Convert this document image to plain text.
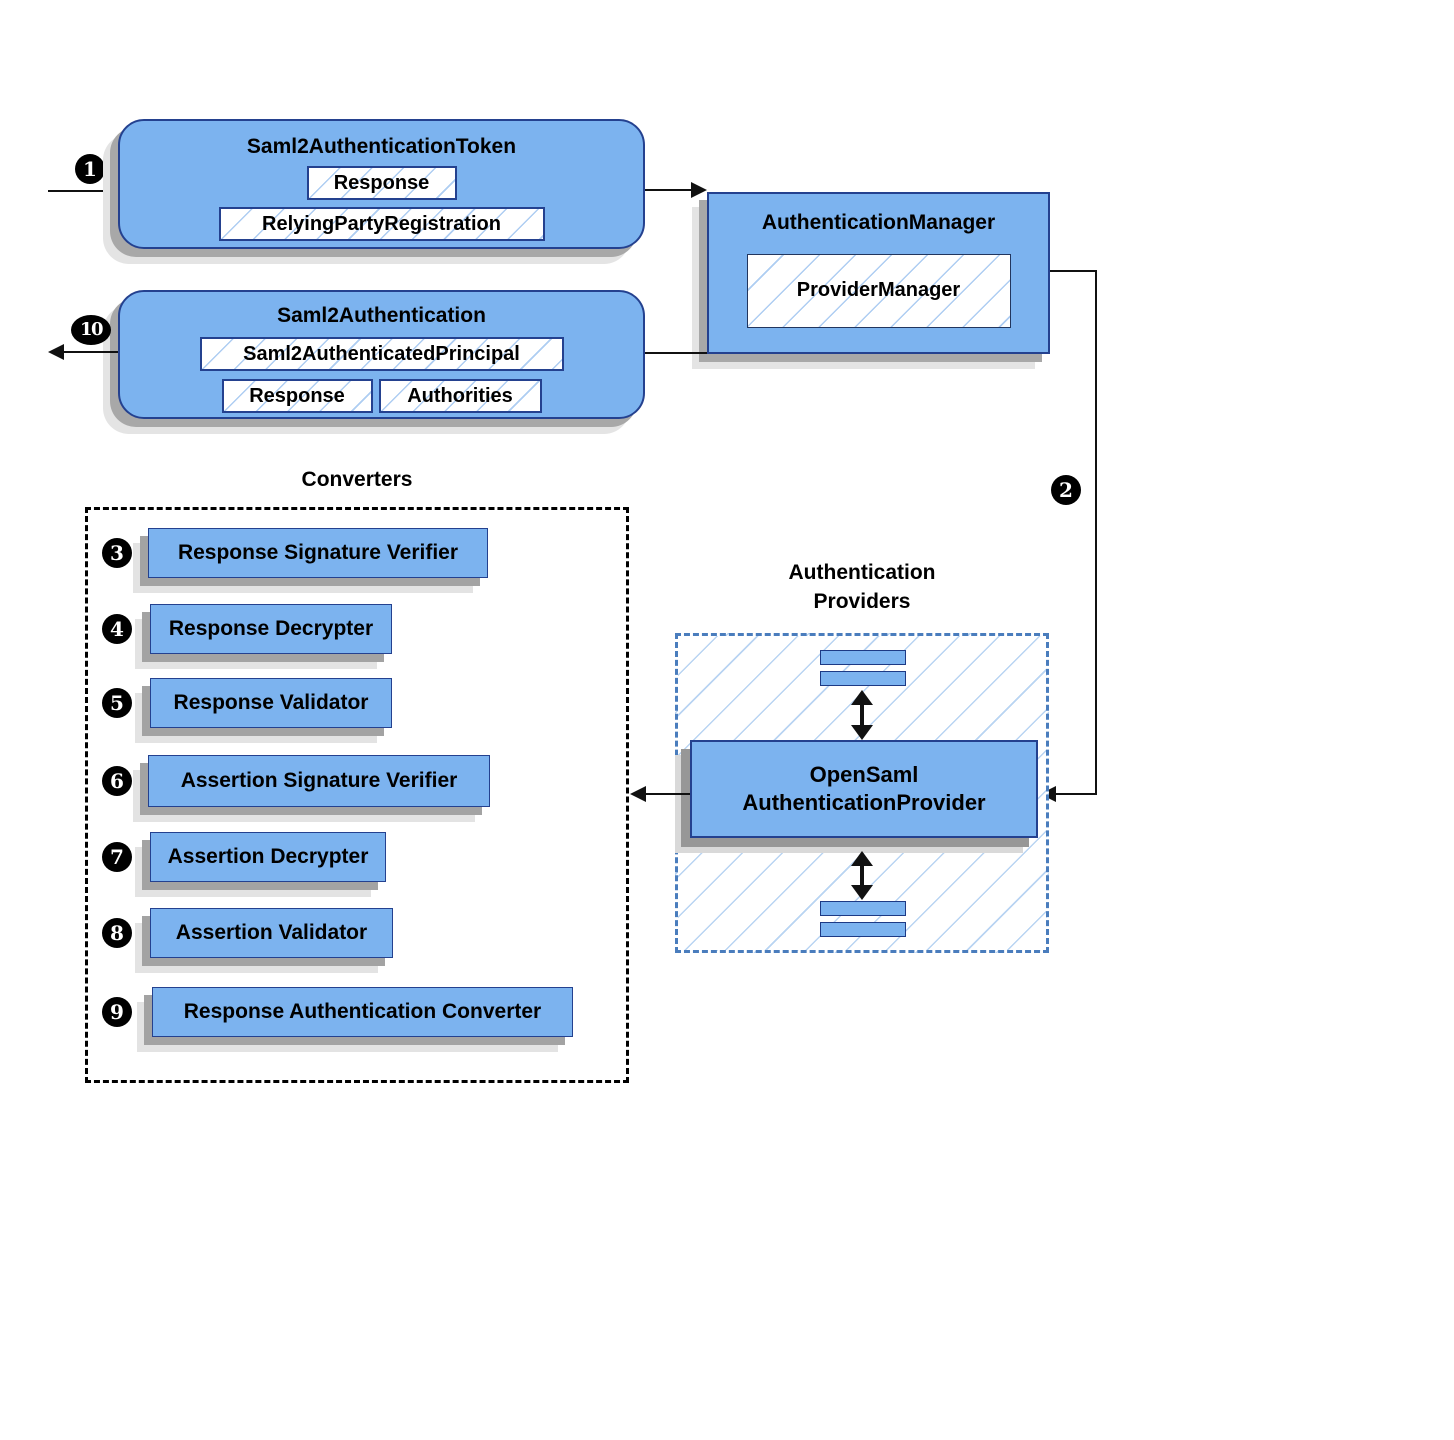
1
Saml2AuthenticationToken
Response
RelyingPartyRegistration	AuthenticationManager
ProviderManager
2
Saml2Authentication
Saml2AuthenticatedPrincipal
Response	Authorities
10
Converters
3	Response Signature Verifier
4	Response Decrypter
5	Response Validator
6	Assertion Signature Verifier
7	Assertion Decrypter
8	Assertion Validator
9	Response Authentication Converter
Authentication
Providers
OpenSaml
AuthenticationProvider
